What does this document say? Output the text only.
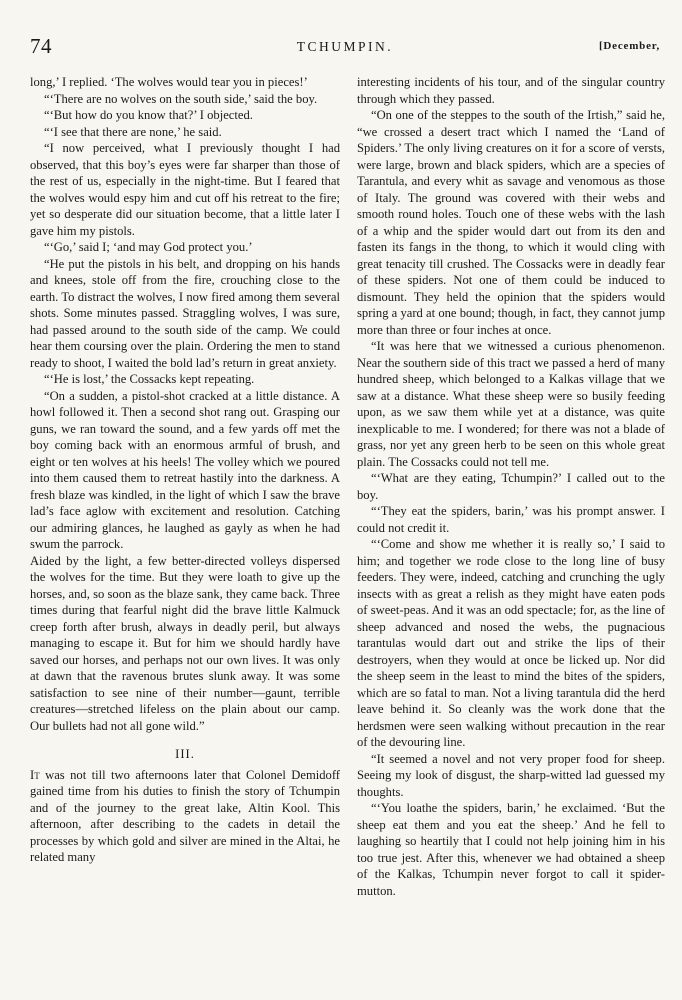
74	TCHUMPIN.	[December,

long,’ I replied. ‘The wolves would tear you in pieces!’

“‘There are no wolves on the south side,’ said the boy.

“‘But how do you know that?’ I objected.

“‘I see that there are none,’ he said.

“I now perceived, what I previously thought I had observed, that this boy’s eyes were far sharper than those of the rest of us, especially in the night-time. But I feared that the wolves would espy him and cut off his retreat to the fire; yet so desperate did our situation become, that a little later I gave him my pistols.

“‘Go,’ said I; ‘and may God protect you.’

“He put the pistols in his belt, and dropping on his hands and knees, stole off from the fire, crouching close to the earth. To distract the wolves, I now fired among them several shots. Some minutes passed. Straggling wolves, I was sure, had passed around to the south side of the camp. We could hear them coursing over the plain. Ordering the men to stand ready to shoot, I waited the bold lad’s return in great anxiety.

“‘He is lost,’ the Cossacks kept repeating.

“On a sudden, a pistol-shot cracked at a little distance. A howl followed it. Then a second shot rang out. Grasping our guns, we ran toward the sound, and a few yards off met the boy coming back with an enormous armful of brush, and eight or ten wolves at his heels! The volley which we poured into them caused them to retreat hastily into the darkness. A fresh blaze was kindled, in the light of which I saw the brave lad’s face aglow with excitement and resolution. Catching our admiring glances, he laughed as gayly as when he had swum the parrock.

Aided by the light, a few better-directed volleys dispersed the wolves for the time. But they were loath to give up the horses, and, so soon as the blaze sank, they came back. Three times during that fearful night did the brave little Kalmuck creep forth after brush, always in deadly peril, but always managing to escape it. But for him we should hardly have saved our horses, and perhaps not our own lives. It was only at dawn that the ravenous brutes slunk away. It was some satisfaction to see nine of their number—gaunt, terrible creatures—stretched lifeless on the plain about our camp. Our bullets had not all gone wild.”

III.

It was not till two afternoons later that Colonel Demidoff gained time from his duties to finish the story of Tchumpin and of the journey to the great lake, Altin Kool. This afternoon, after describing to the cadets in detail the processes by which gold and silver are mined in the Altai, he related many

interesting incidents of his tour, and of the singular country through which they passed.

“On one of the steppes to the south of the Irtish,” said he, “we crossed a desert tract which I named the ‘Land of Spiders.’ The only living creatures on it for a score of versts, were large, brown and black spiders, which are a species of Tarantula, and every whit as savage and venomous as those of Italy. The ground was covered with their webs and smooth round holes. Touch one of these webs with the lash of a whip and the spider would dart out from its den and fasten its fangs in the thong, to which it would cling with great tenacity till crushed. The Cossacks were in deadly fear of these spiders. Not one of them could be induced to dismount. They held the opinion that the spiders would spring a yard at one bound; though, in fact, they cannot jump more than three or four inches at once.

“It was here that we witnessed a curious phenomenon. Near the southern side of this tract we passed a herd of many hundred sheep, which belonged to a Kalkas village that we saw at a distance. What these sheep were so busily feeding upon, as we saw them while yet at a distance, was quite inexplicable to me. I wondered; for there was not a blade of grass, nor yet any green herb to be seen on this whole great plain. The Cossacks could not tell me.

“‘What are they eating, Tchumpin?’ I called out to the boy.

“‘They eat the spiders, barin,’ was his prompt answer. I could not credit it.

“‘Come and show me whether it is really so,’ I said to him; and together we rode close to the long line of busy feeders. They were, indeed, catching and crunching the ugly insects with as great a relish as they might have eaten pods of sweet-peas. And it was an odd spectacle; for, as the line of sheep advanced and nosed the webs, the pugnacious tarantulas would dart out and strike the lips of their destroyers, when they would at once be licked up. Nor did the sheep seem in the least to mind the bites of the spiders, which are so fatal to man. Not a living tarantula did the herd leave behind it. So cleanly was the work done that the herdsmen were seen walking without precaution in the rear of the devouring line.

“It seemed a novel and not very proper food for sheep. Seeing my look of disgust, the sharp-witted lad guessed my thoughts.

“‘You loathe the spiders, barin,’ he exclaimed. ‘But the sheep eat them and you eat the sheep.’ And he fell to laughing so heartily that I could not help joining him in his too true jest. After this, whenever we had obtained a sheep of the Kalkas, Tchumpin never forgot to call it spider-mutton.
